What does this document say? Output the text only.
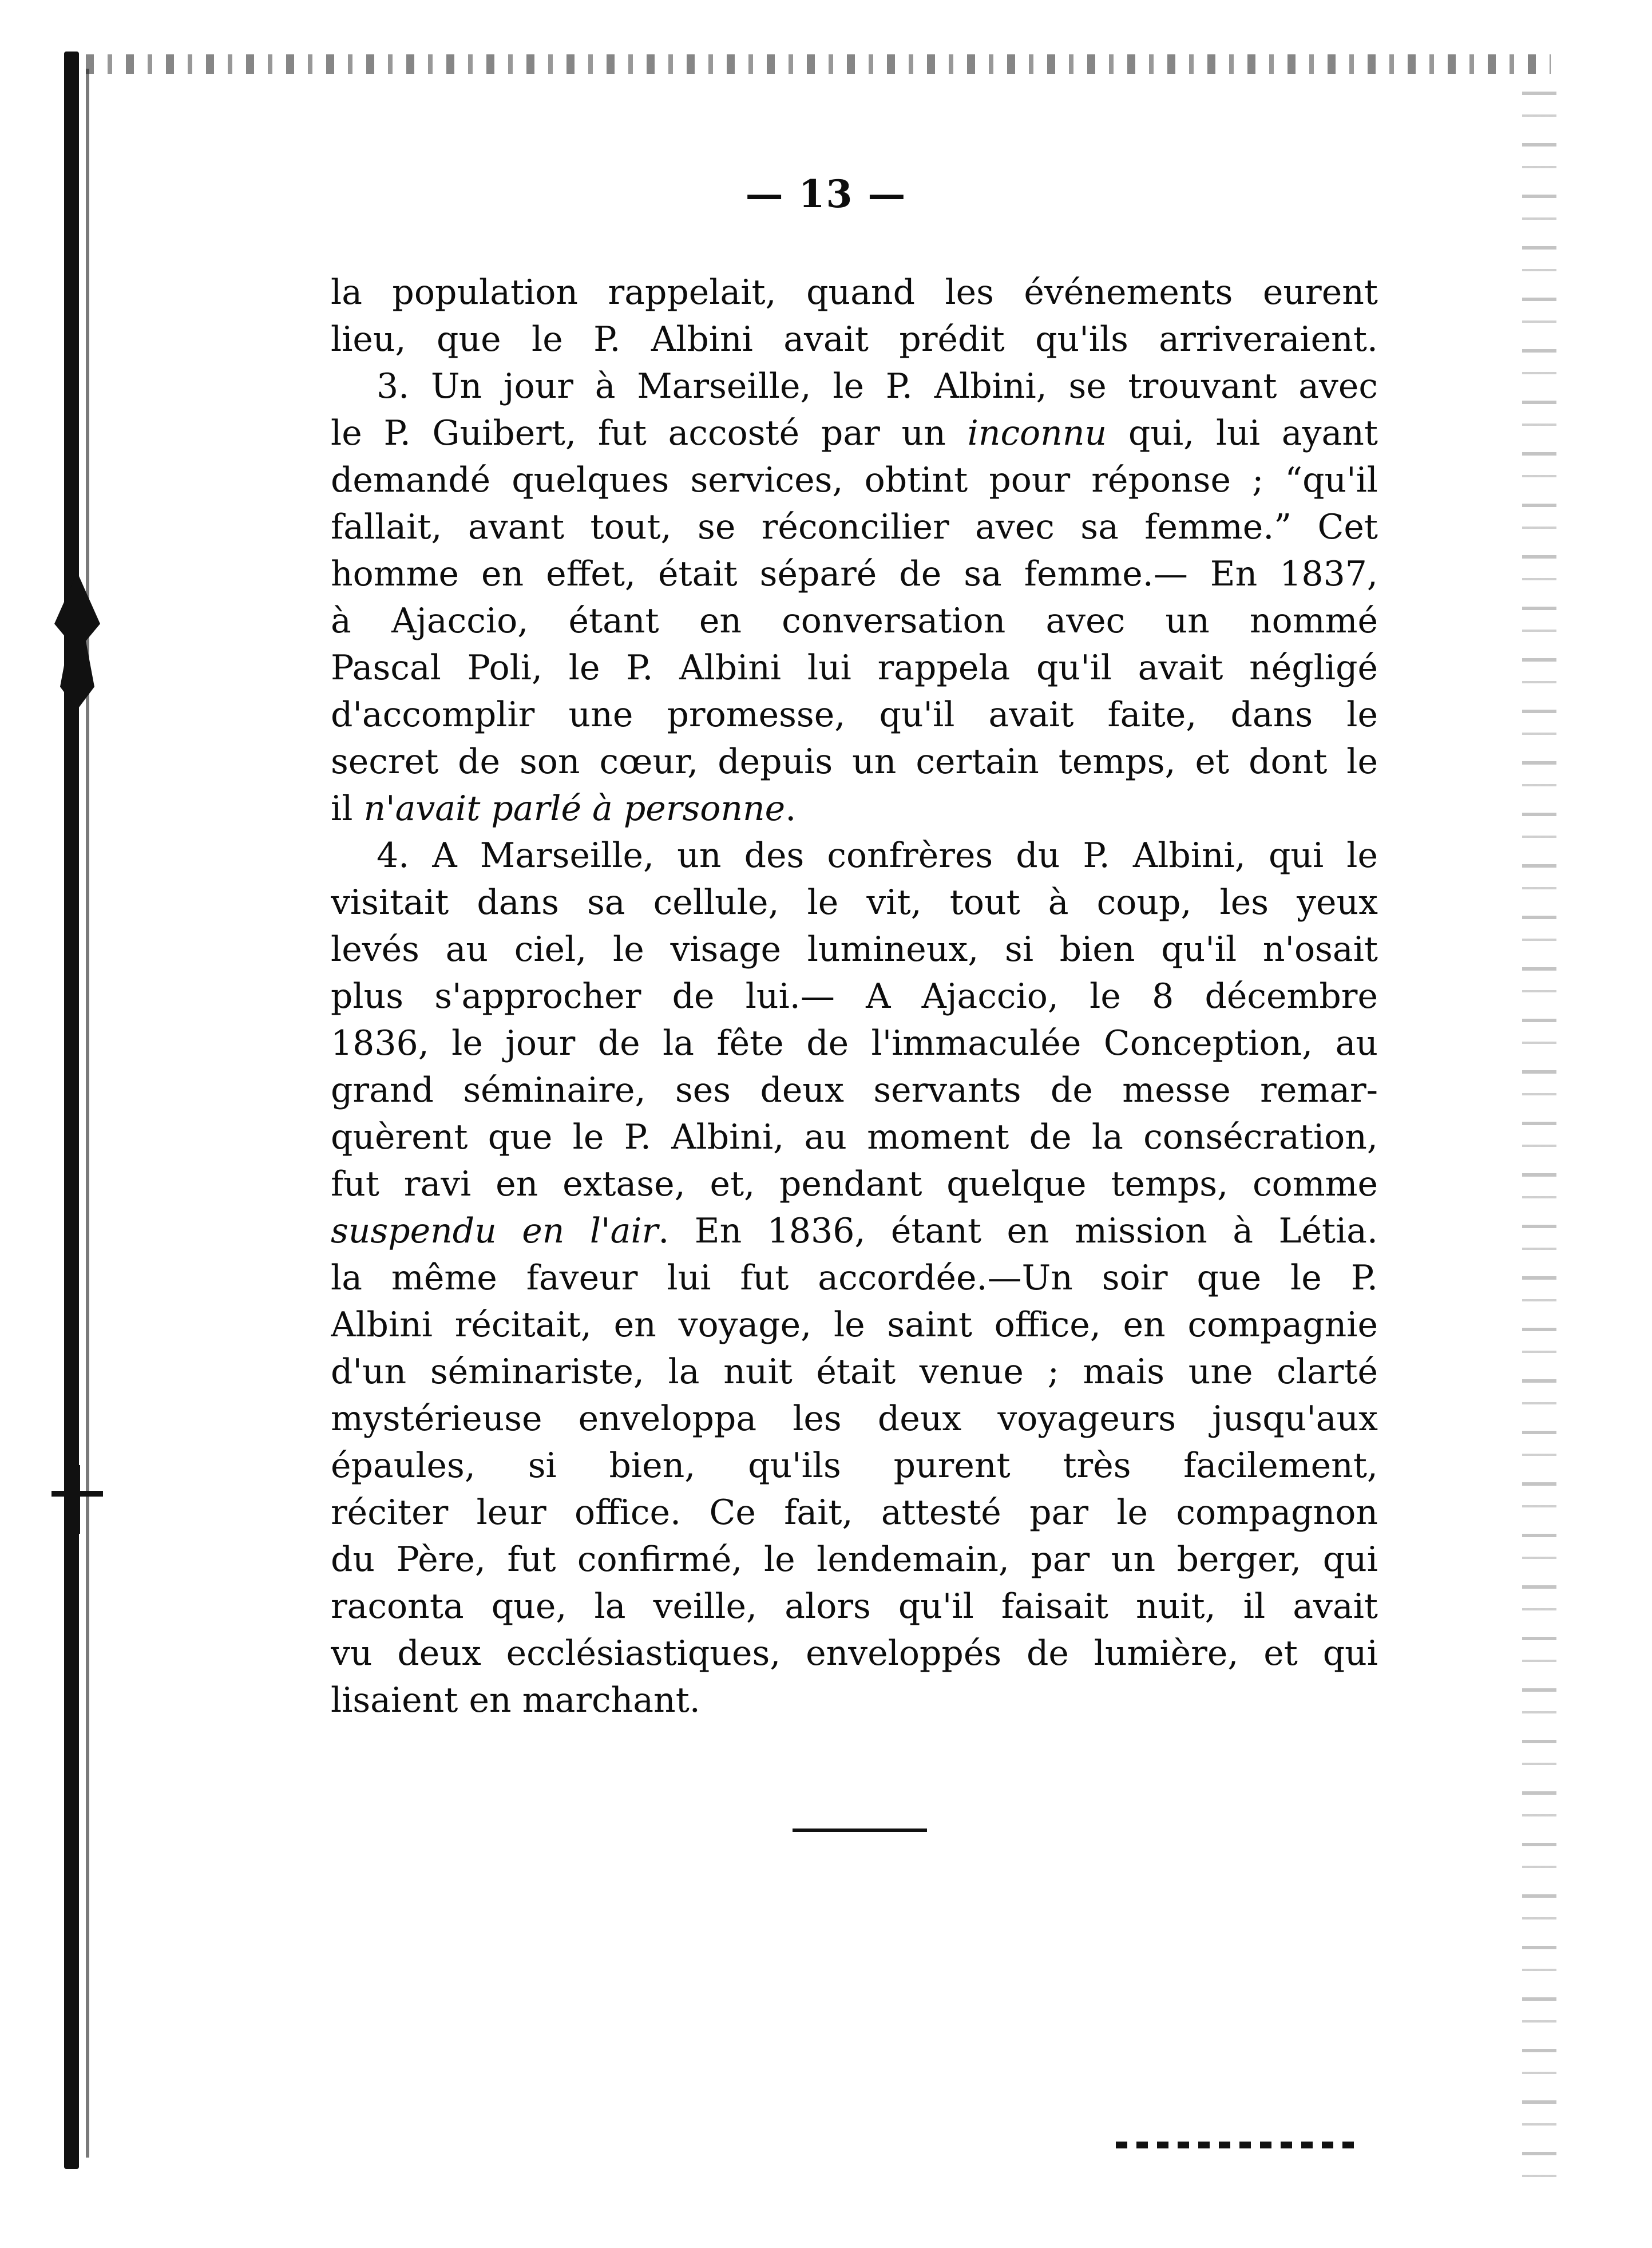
— 13 —
la population rappelait, quand les événements eurent
lieu, que le P. Albini avait prédit qu'ils arriveraient.
3. Un jour à Marseille, le P. Albini, se trouvant avec
le P. Guibert, fut accosté par un inconnu qui, lui ayant
demandé quelques services, obtint pour réponse ; “qu'il
fallait, avant tout, se réconcilier avec sa femme.” Cet
homme en effet, était séparé de sa femme.— En 1837,
à Ajaccio, étant en conversation avec un nommé
Pascal Poli, le P. Albini lui rappela qu'il avait négligé
d'accomplir une promesse, qu'il avait faite, dans le
secret de son cœur, depuis un certain temps, et dont le
il n'avait parlé à personne.
4. A Marseille, un des confrères du P. Albini, qui le
visitait dans sa cellule, le vit, tout à coup, les yeux
levés au ciel, le visage lumineux, si bien qu'il n'osait
plus s'approcher de lui.— A Ajaccio, le 8 décembre
1836, le jour de la fête de l'immaculée Conception, au
grand séminaire, ses deux servants de messe remar-
quèrent que le P. Albini, au moment de la consécration,
fut ravi en extase, et, pendant quelque temps, comme
suspendu en l'air. En 1836, étant en mission à Létia.
la même faveur lui fut accordée.—Un soir que le P.
Albini récitait, en voyage, le saint office, en compagnie
d'un séminariste, la nuit était venue ; mais une clarté
mystérieuse enveloppa les deux voyageurs jusqu'aux
épaules, si bien, qu'ils purent très facilement,
réciter leur office. Ce fait, attesté par le compagnon
du Père, fut confirmé, le lendemain, par un berger, qui
raconta que, la veille, alors qu'il faisait nuit, il avait
vu deux ecclésiastiques, enveloppés de lumière, et qui
lisaient en marchant.
